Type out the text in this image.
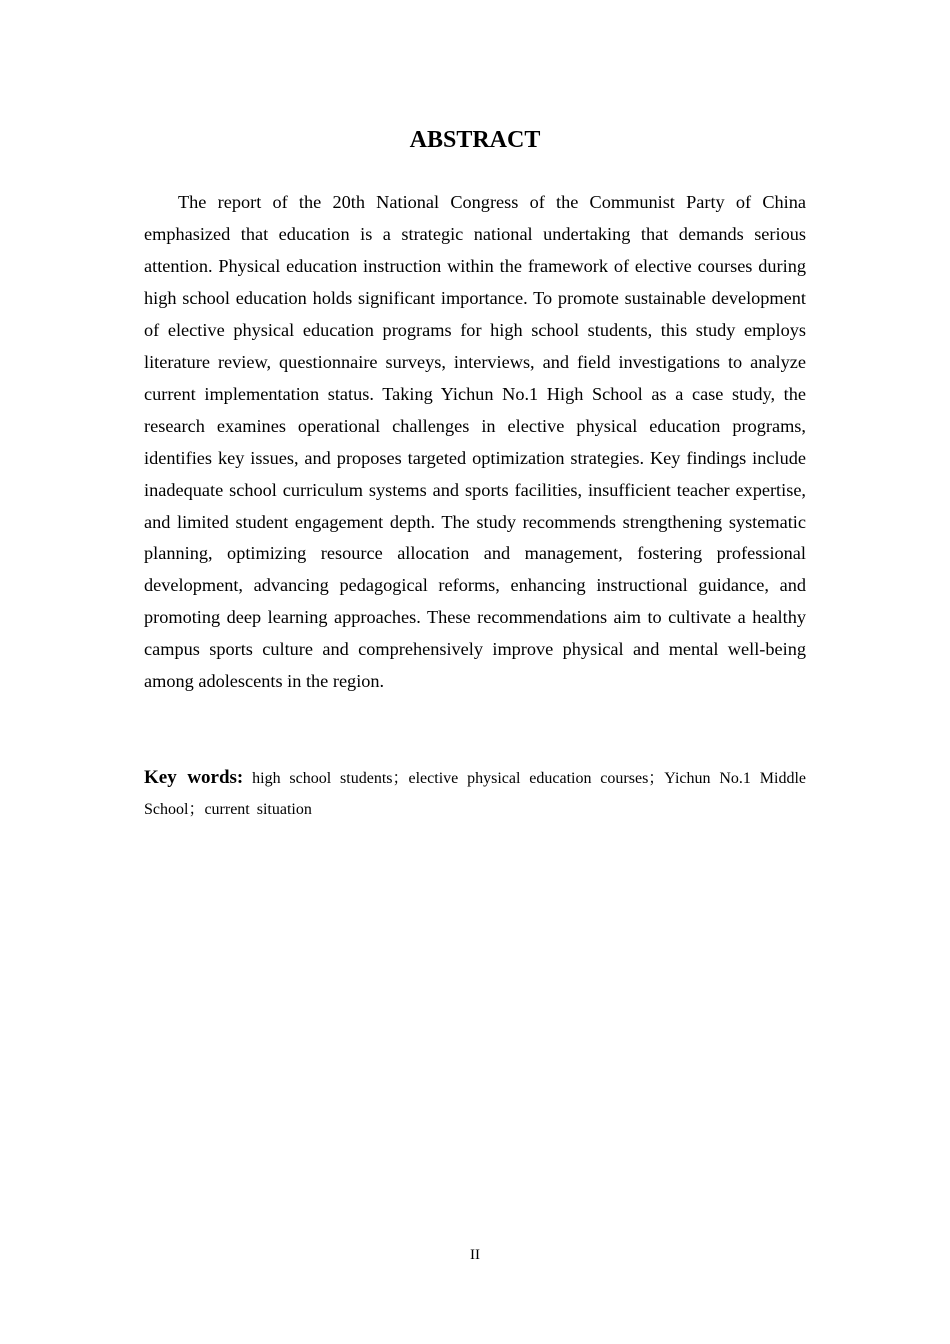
ABSTRACT

The report of the 20th National Congress of the Communist Party of China emphasized that education is a strategic national undertaking that demands serious attention. Physical education instruction within the framework of elective courses during high school education holds significant importance. To promote sustainable development of elective physical education programs for high school students, this study employs literature review, questionnaire surveys, interviews, and field investigations to analyze current implementation status. Taking Yichun No.1 High School as a case study, the research examines operational challenges in elective physical education programs, identifies key issues, and proposes targeted optimization strategies. Key findings include inadequate school curriculum systems and sports facilities, insufficient teacher expertise, and limited student engagement depth. The study recommends strengthening systematic planning, optimizing resource allocation and management, fostering professional development, advancing pedagogical reforms, enhancing instructional guidance, and promoting deep learning approaches. These recommendations aim to cultivate a healthy campus sports culture and comprehensively improve physical and mental well-being among adolescents in the region.

Key words: high school students；elective physical education courses；Yichun No.1 Middle School；current situation

II
